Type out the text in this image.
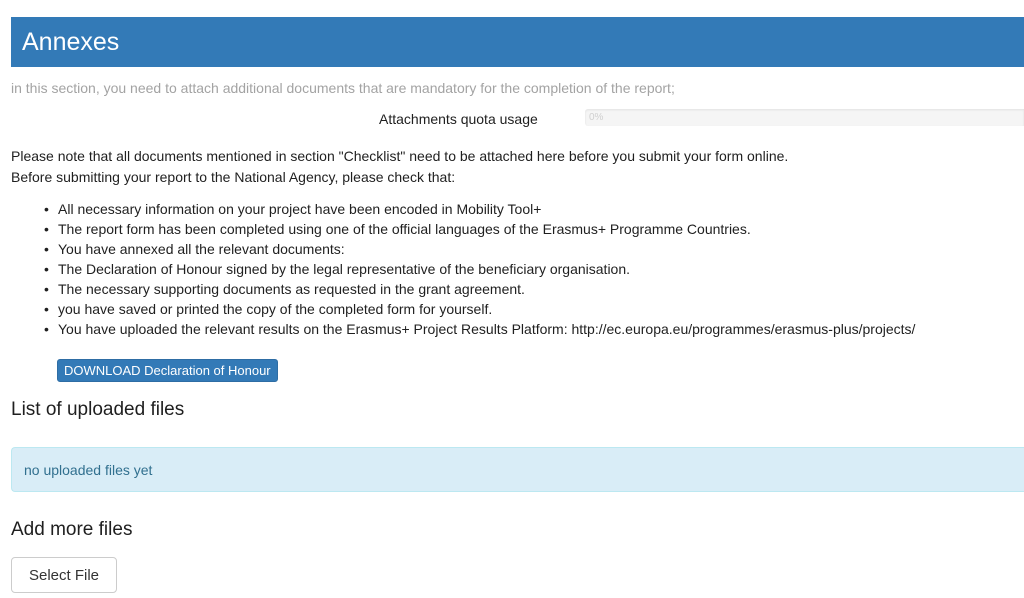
Annexes
in this section, you need to attach additional documents that are mandatory for the completion of the report;
Attachments quota usage	0%
Please note that all documents mentioned in section "Checklist" need to be attached here before you submit your form online.
Before submitting your report to the National Agency, please check that:
• All necessary information on your project have been encoded in Mobility Tool+
• The report form has been completed using one of the official languages of the Erasmus+ Programme Countries.
• You have annexed all the relevant documents:
• The Declaration of Honour signed by the legal representative of the beneficiary organisation.
• The necessary supporting documents as requested in the grant agreement.
• you have saved or printed the copy of the completed form for yourself.
• You have uploaded the relevant results on the Erasmus+ Project Results Platform: http://ec.europa.eu/programmes/erasmus-plus/projects/
DOWNLOAD Declaration of Honour
List of uploaded files
no uploaded files yet
Add more files
Select File
